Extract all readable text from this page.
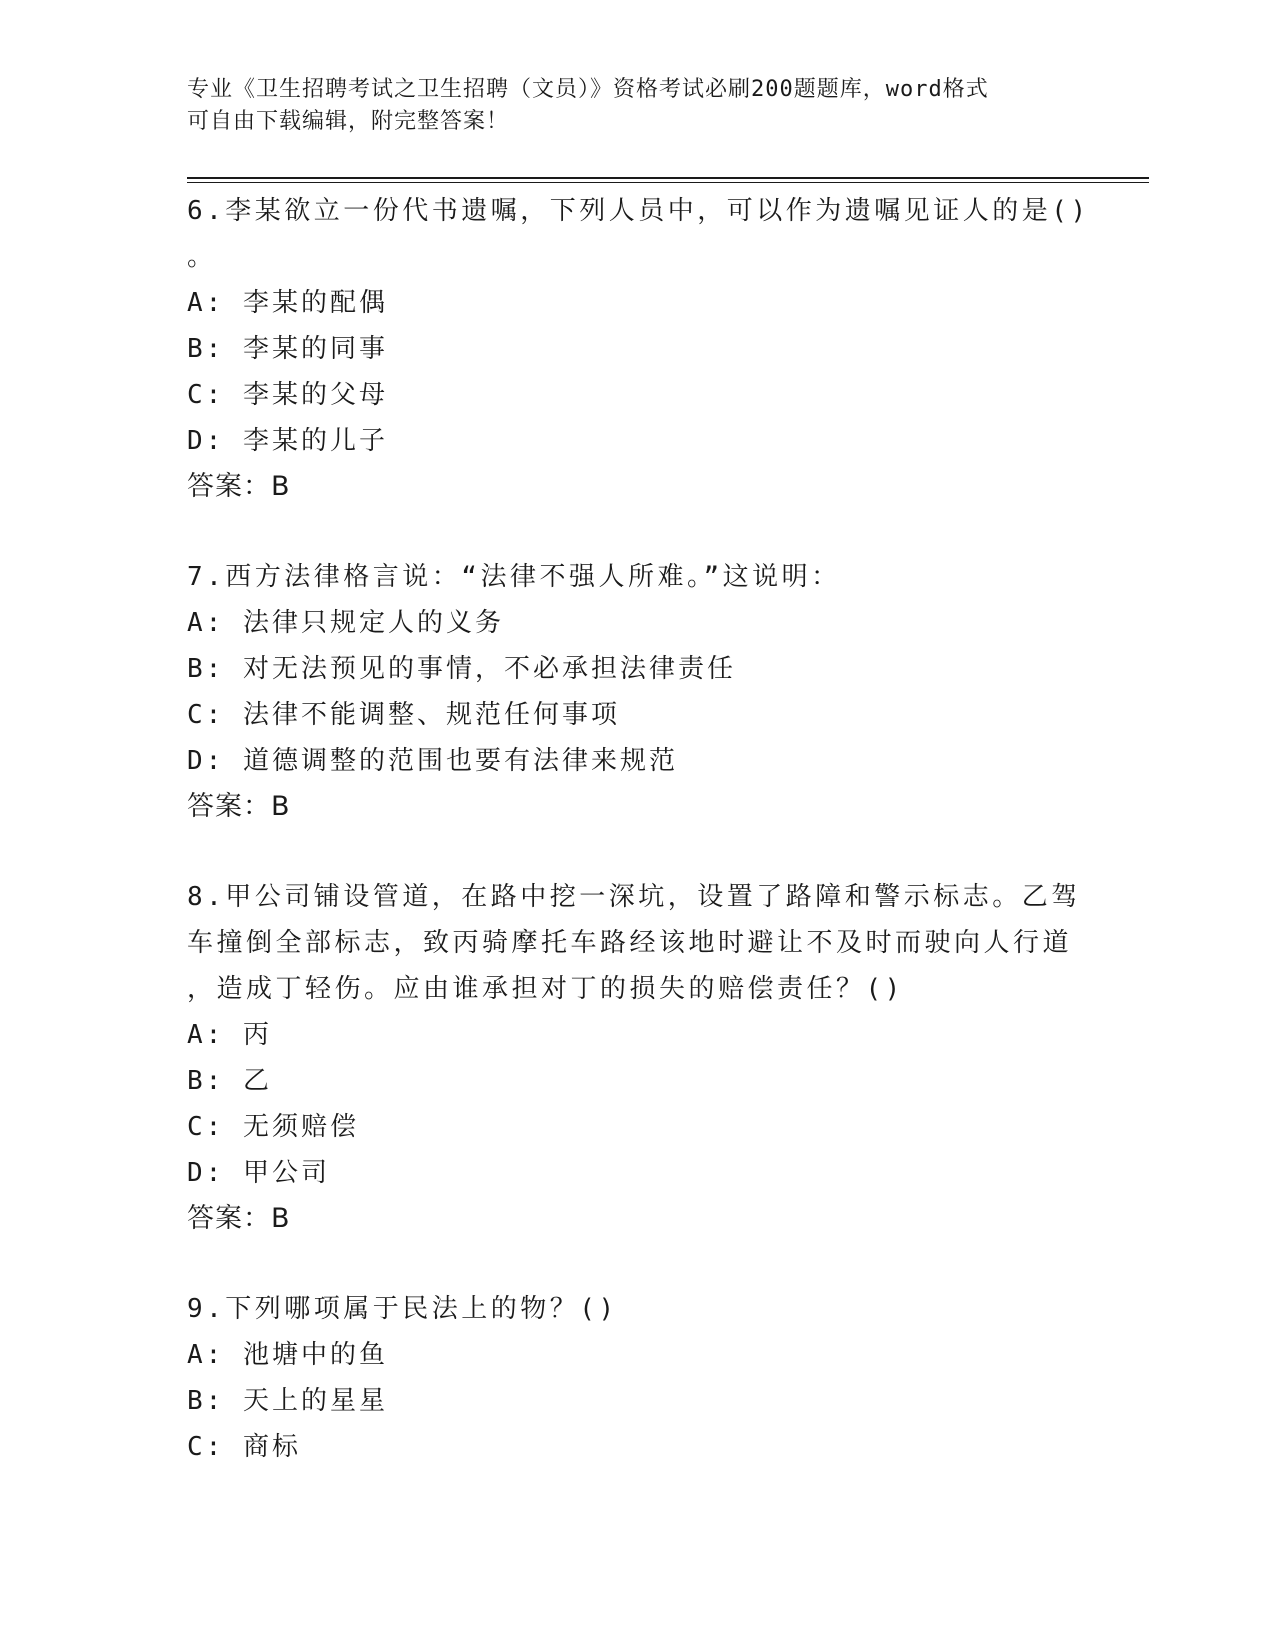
专业《卫生招聘考试之卫生招聘（文员）》资格考试必刷200题题库，word格式
可自由下载编辑，附完整答案！
6.李某欲立一份代书遗嘱，下列人员中，可以作为遗嘱见证人的是()
。
A: 李某的配偶
B: 李某的同事
C: 李某的父母
D: 李某的儿子
答案：B
7.西方法律格言说：“法律不强人所难。”这说明：
A: 法律只规定人的义务
B: 对无法预见的事情，不必承担法律责任
C: 法律不能调整、规范任何事项
D: 道德调整的范围也要有法律来规范
答案：B
8.甲公司铺设管道，在路中挖一深坑，设置了路障和警示标志。乙驾
车撞倒全部标志，致丙骑摩托车路经该地时避让不及时而驶向人行道
，造成丁轻伤。应由谁承担对丁的损失的赔偿责任？()
A: 丙
B: 乙
C: 无须赔偿
D: 甲公司
答案：B
9.下列哪项属于民法上的物？()
A: 池塘中的鱼
B: 天上的星星
C: 商标
